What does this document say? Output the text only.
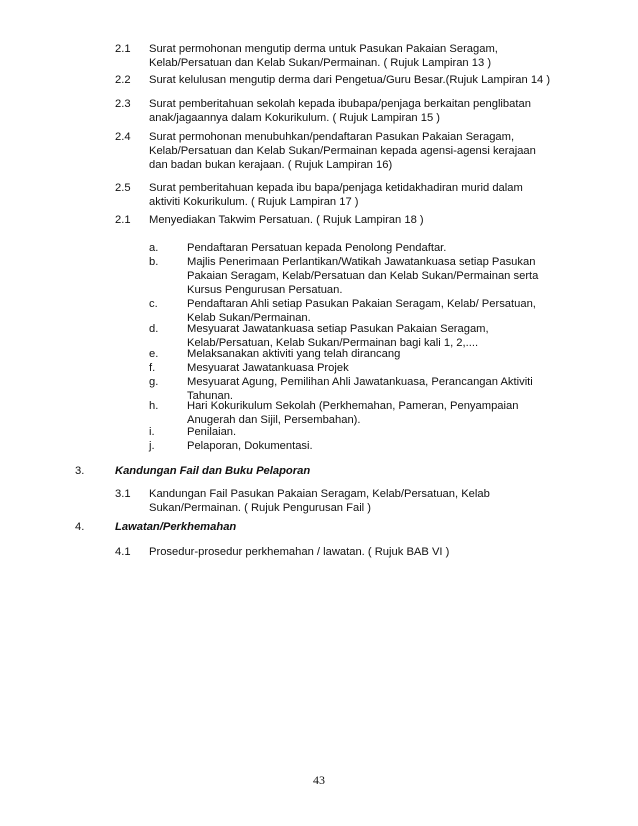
2.1 Surat permohonan mengutip derma untuk Pasukan Pakaian Seragam,

Kelab/Persatuan dan Kelab Sukan/Permainan. ( Rujuk Lampiran 13 )

2.2 Surat kelulusan mengutip derma dari Pengetua/Guru Besar.(Rujuk Lampiran 14 )

2.3 Surat pemberitahuan sekolah kepada ibubapa/penjaga berkaitan penglibatan

anak/jagaannya dalam Kokurikulum. ( Rujuk Lampiran 15 )

2.4 Surat permohonan menubuhkan/pendaftaran Pasukan Pakaian Seragam,

Kelab/Persatuan dan Kelab Sukan/Permainan kepada agensi-agensi kerajaan

dan badan bukan kerajaan. ( Rujuk Lampiran 16)

2.5 Surat pemberitahuan kepada ibu bapa/penjaga ketidakhadiran murid dalam

aktiviti Kokurikulum. ( Rujuk Lampiran 17 )

2.1 Menyediakan Takwim Persatuan. ( Rujuk Lampiran 18 )

a.	Pendaftaran Persatuan kepada Penolong Pendaftar.

b.	Majlis Penerimaan Perlantikan/Watikah Jawatankuasa setiap Pasukan

Pakaian Seragam, Kelab/Persatuan dan Kelab Sukan/Permainan serta

Kursus Pengurusan Persatuan.

c.	Pendaftaran Ahli setiap Pasukan Pakaian Seragam, Kelab/ Persatuan,

Kelab Sukan/Permainan.

d.	Mesyuarat Jawatankuasa setiap Pasukan Pakaian Seragam,

Kelab/Persatuan, Kelab Sukan/Permainan bagi kali 1, 2,....

e.	Melaksanakan aktiviti yang telah dirancang

f.	Mesyuarat Jawatankuasa Projek

g.	Mesyuarat Agung, Pemilihan Ahli Jawatankuasa, Perancangan Aktiviti

Tahunan.

h.	Hari Kokurikulum Sekolah (Perkhemahan, Pameran, Penyampaian

Anugerah dan Sijil, Persembahan).

i.	Penilaian.

j.	Pelaporan, Dokumentasi.

3.	Kandungan Fail dan Buku Pelaporan
4.	Lawatan/Perkhemahan
3.1 Kandungan Fail Pasukan Pakaian Seragam, Kelab/Persatuan, Kelab

Sukan/Permainan. ( Rujuk Pengurusan Fail )

4.1 Prosedur-prosedur perkhemahan / lawatan. ( Rujuk BAB VI )

43
